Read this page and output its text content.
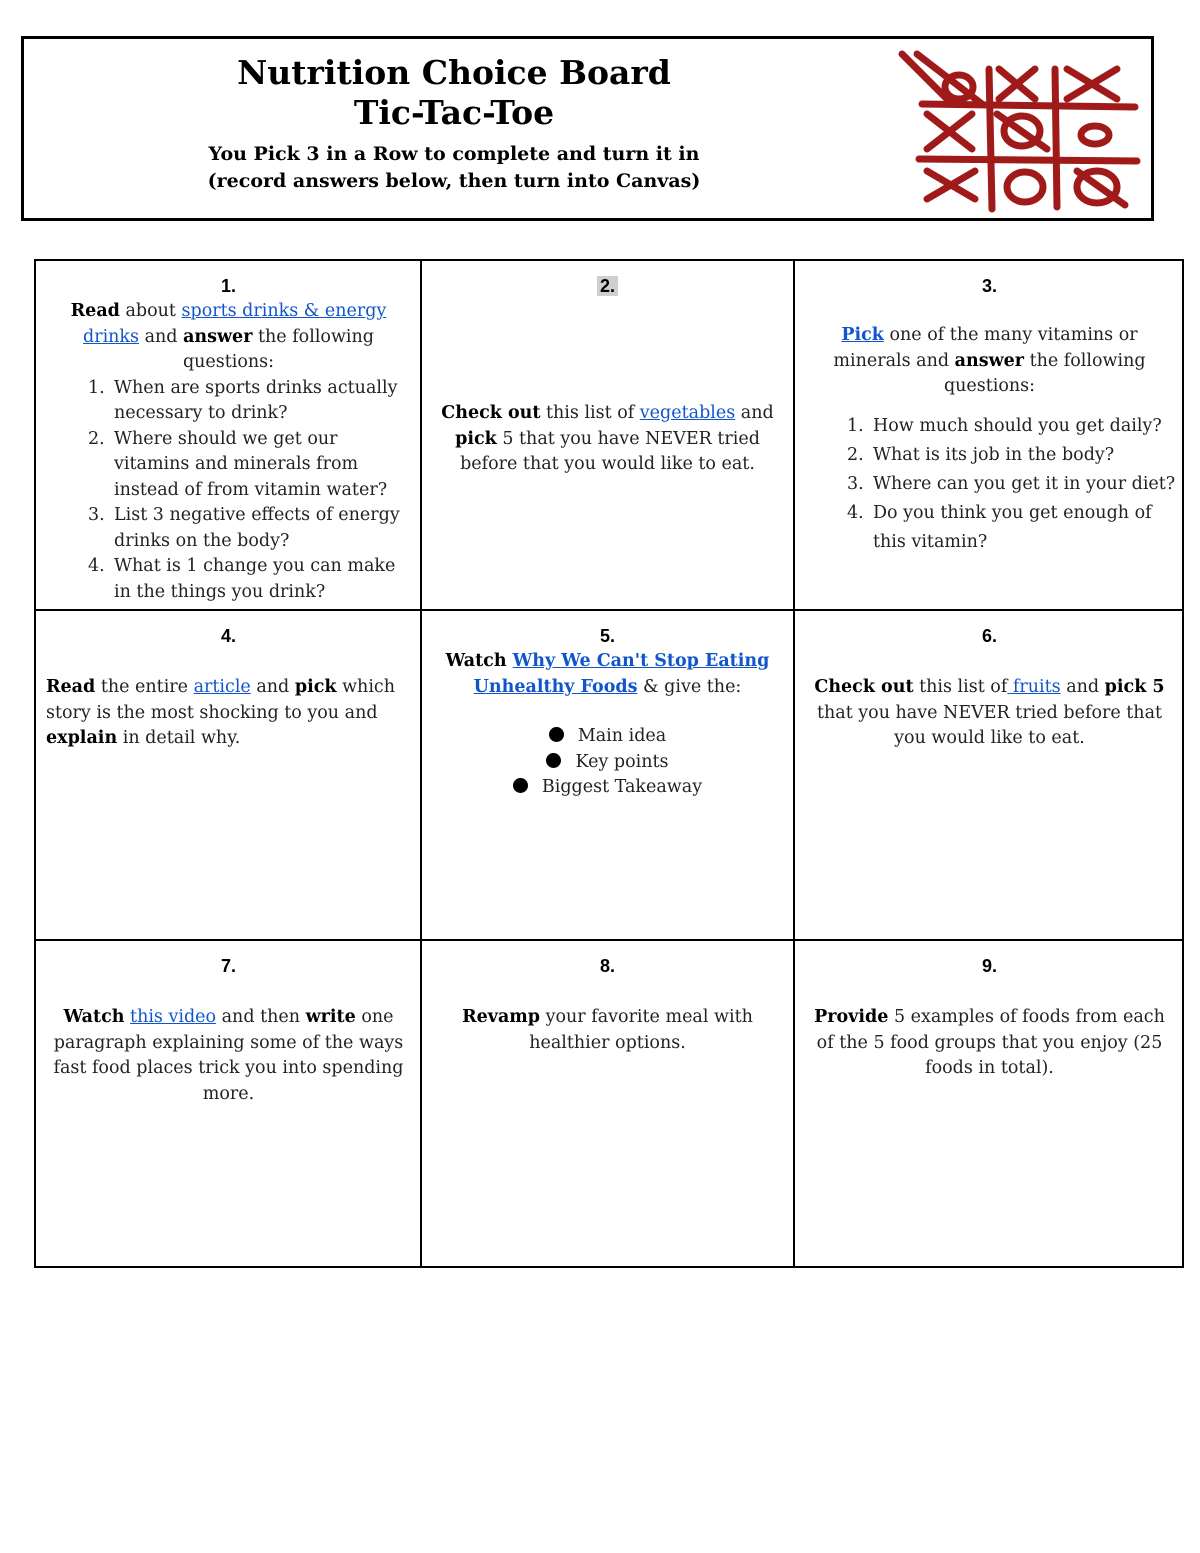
Nutrition Choice Board
Tic-Tac-Toe
You Pick 3 in a Row to complete and turn it in
(record answers below, then turn into Canvas)
1.
Read about sports drinks & energy drinks and answer the following questions:
1. When are sports drinks actually necessary to drink?
2. Where should we get our vitamins and minerals from instead of from vitamin water?
3. List 3 negative effects of energy drinks on the body?
4. What is 1 change you can make in the things you drink?
2.
Check out this list of vegetables and pick 5 that you have NEVER tried before that you would like to eat.
3.
Pick one of the many vitamins or minerals and answer the following questions:
1. How much should you get daily?
2. What is its job in the body?
3. Where can you get it in your diet?
4. Do you think you get enough of this vitamin?
4.
Read the entire article and pick which story is the most shocking to you and explain in detail why.
5.
Watch Why We Can't Stop Eating Unhealthy Foods & give the:
Main idea
Key points
Biggest Takeaway
6.
Check out this list of fruits and pick 5 that you have NEVER tried before that you would like to eat.
7.
Watch this video and then write one paragraph explaining some of the ways fast food places trick you into spending more.
8.
Revamp your favorite meal with healthier options.
9.
Provide 5 examples of foods from each of the 5 food groups that you enjoy (25 foods in total).
